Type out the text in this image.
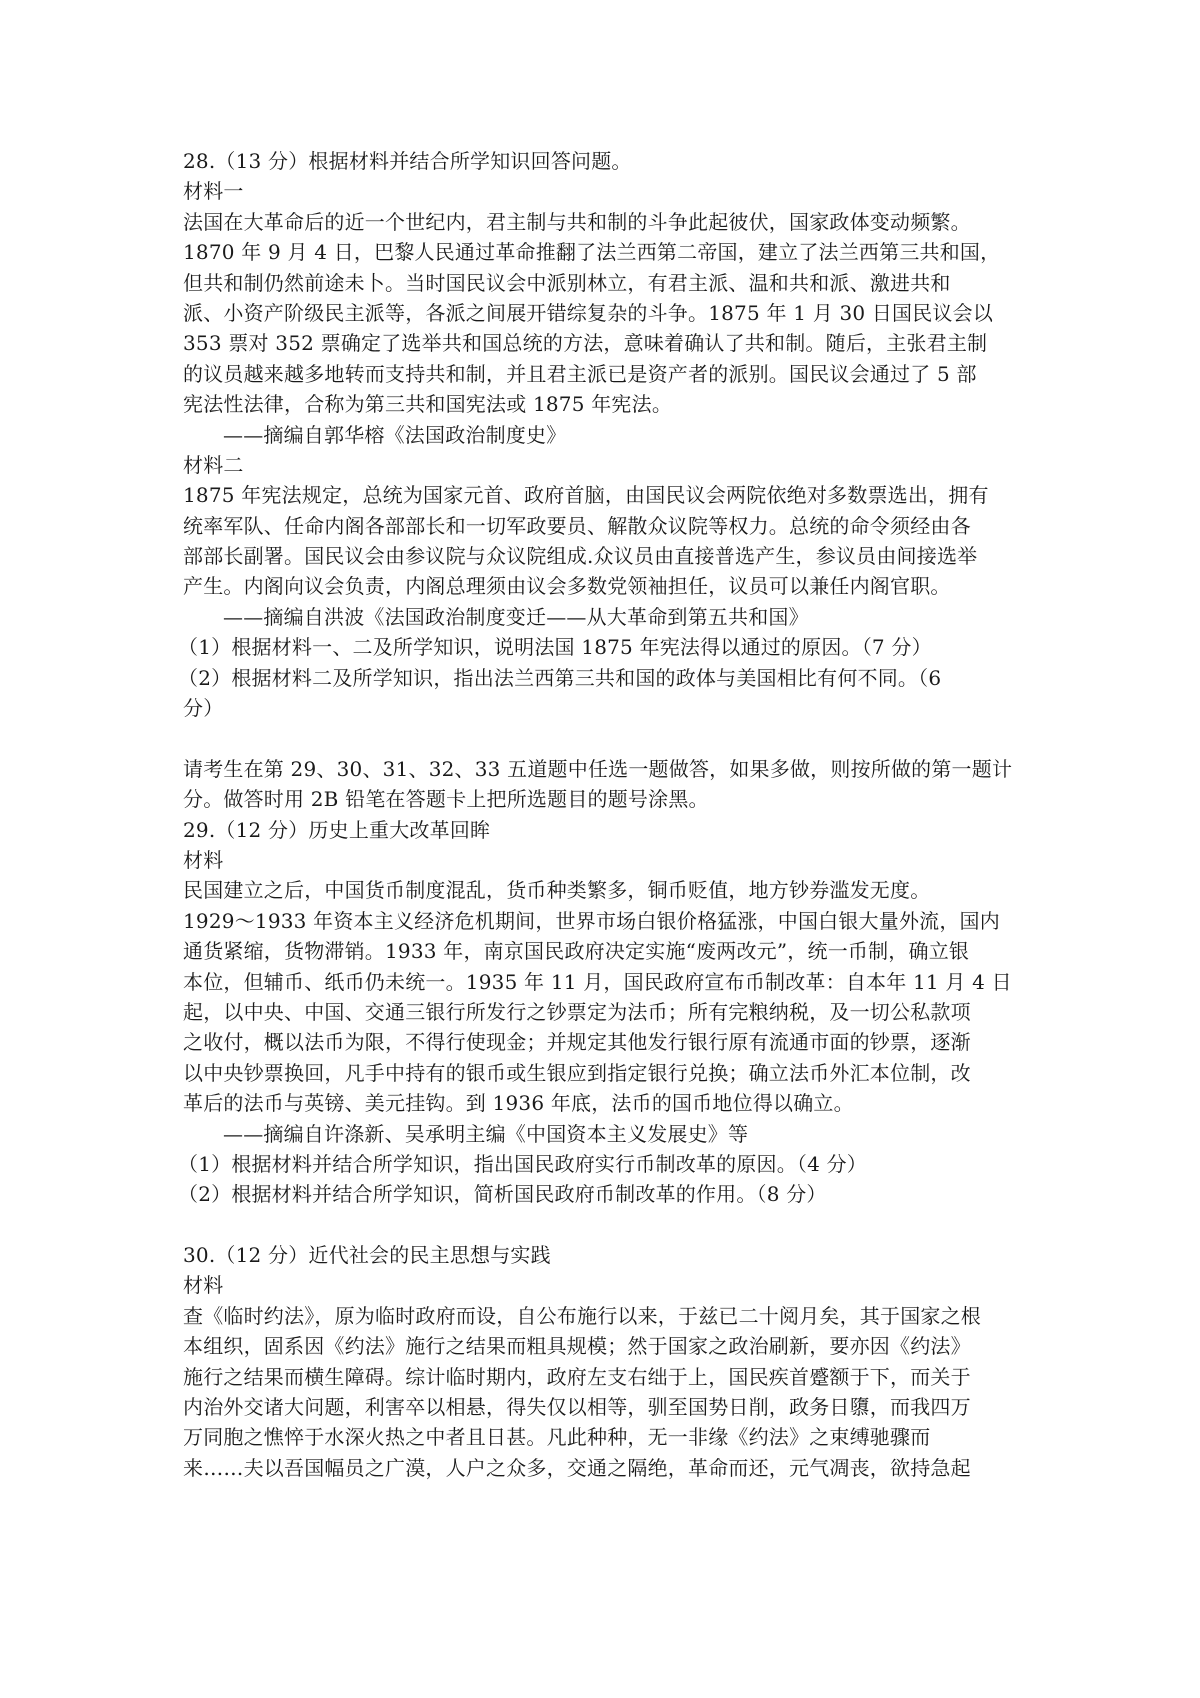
28.（13 分）根据材料并结合所学知识回答问题。
材料一
法国在大革命后的近一个世纪内，君主制与共和制的斗争此起彼伏，国家政体变动频繁。
1870 年 9 月 4 日，巴黎人民通过革命推翻了法兰西第二帝国，建立了法兰西第三共和国，
但共和制仍然前途未卜。当时国民议会中派别林立，有君主派、温和共和派、激进共和
派、小资产阶级民主派等，各派之间展开错综复杂的斗争。1875 年 1 月 30 日国民议会以
353 票对 352 票确定了选举共和国总统的方法，意味着确认了共和制。随后，主张君主制
的议员越来越多地转而支持共和制，并且君主派已是资产者的派别。国民议会通过了 5 部
宪法性法律，合称为第三共和国宪法或 1875 年宪法。
——摘编自郭华榕《法国政治制度史》
材料二
1875 年宪法规定，总统为国家元首、政府首脑，由国民议会两院依绝对多数票选出，拥有
统率军队、任命内阁各部部长和一切军政要员、解散众议院等权力。总统的命令须经由各
部部长副署。国民议会由参议院与众议院组成.众议员由直接普选产生，参议员由间接选举
产生。内阁向议会负责，内阁总理须由议会多数党领袖担任，议员可以兼任内阁官职。
——摘编自洪波《法国政治制度变迁——从大革命到第五共和国》
（1）根据材料一、二及所学知识，说明法国 1875 年宪法得以通过的原因。（7 分）
（2）根据材料二及所学知识，指出法兰西第三共和国的政体与美国相比有何不同。（6
分）
请考生在第 29、30、31、32、33 五道题中任选一题做答，如果多做，则按所做的第一题计
分。做答时用 2B 铅笔在答题卡上把所选题目的题号涂黑。
29.（12 分）历史上重大改革回眸
材料
民国建立之后，中国货币制度混乱，货币种类繁多，铜币贬值，地方钞券滥发无度。
1929～1933 年资本主义经济危机期间，世界市场白银价格猛涨，中国白银大量外流，国内
通货紧缩，货物滞销。1933 年，南京国民政府决定实施“废两改元”，统一币制，确立银
本位，但辅币、纸币仍未统一。1935 年 11 月，国民政府宣布币制改革：自本年 11 月 4 日
起，以中央、中国、交通三银行所发行之钞票定为法币；所有完粮纳税，及一切公私款项
之收付，概以法币为限，不得行使现金；并规定其他发行银行原有流通市面的钞票，逐渐
以中央钞票换回，凡手中持有的银币或生银应到指定银行兑换；确立法币外汇本位制，改
革后的法币与英镑、美元挂钩。到 1936 年底，法币的国币地位得以确立。
——摘编自许涤新、吴承明主编《中国资本主义发展史》等
（1）根据材料并结合所学知识，指出国民政府实行币制改革的原因。（4 分）
（2）根据材料并结合所学知识，简析国民政府币制改革的作用。（8 分）
30.（12 分）近代社会的民主思想与实践
材料
查《临时约法》，原为临时政府而设，自公布施行以来，于兹已二十阅月矣，其于国家之根
本组织，固系因《约法》施行之结果而粗具规模；然于国家之政治刷新，要亦因《约法》
施行之结果而横生障碍。综计临时期内，政府左支右绌于上，国民疾首蹙额于下，而关于
内治外交诸大问题，利害卒以相悬，得失仅以相等，驯至国势日削，政务日隳，而我四万
万同胞之憔悴于水深火热之中者且日甚。凡此种种，无一非缘《约法》之束缚驰骤而
来……夫以吾国幅员之广漠，人户之众多，交通之隔绝，革命而还，元气凋丧，欲持急起
